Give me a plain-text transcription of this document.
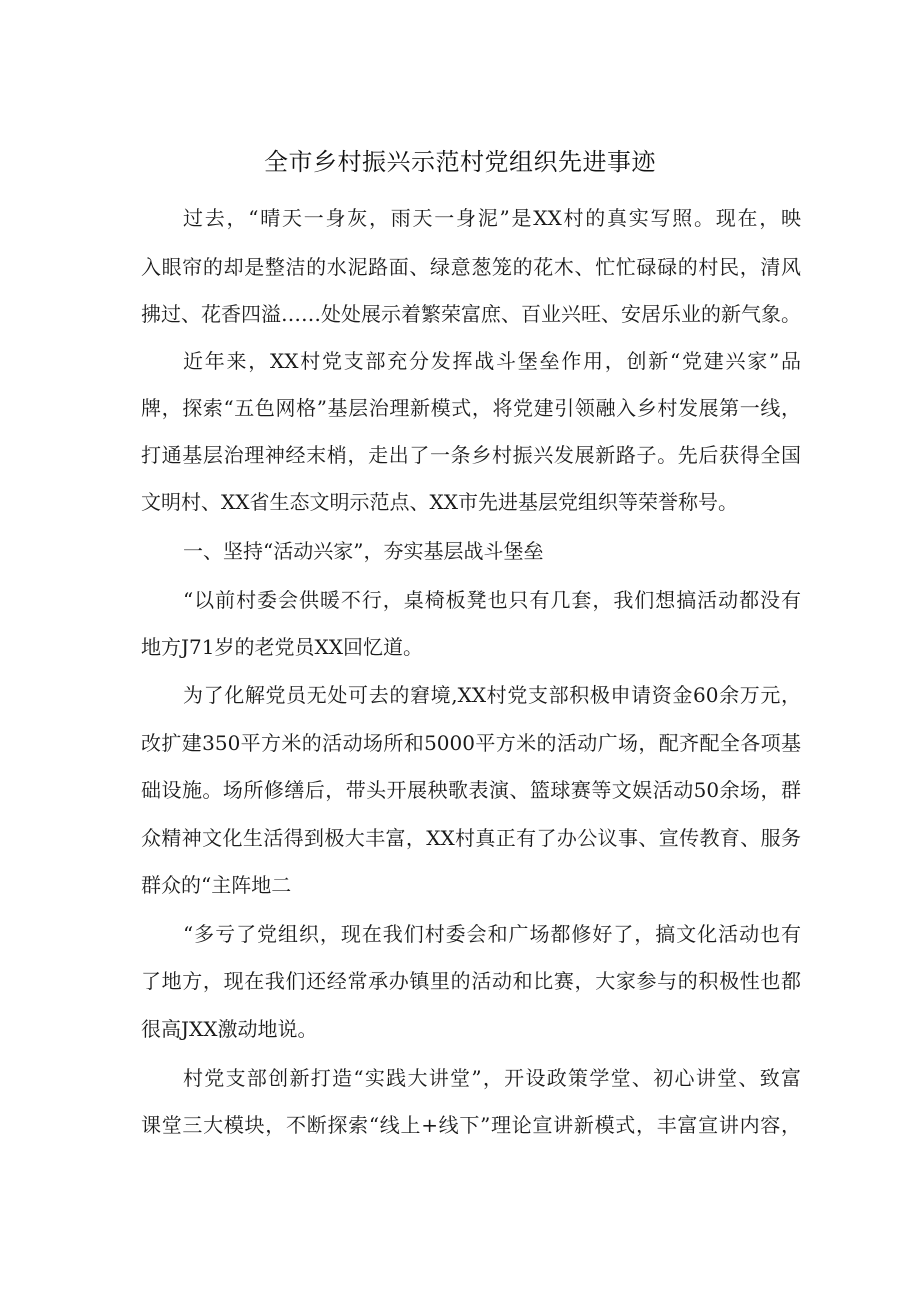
全市乡村振兴示范村党组织先进事迹
过去，“晴天一身灰，雨天一身泥”是XX村的真实写照。现在，映
入眼帘的却是整洁的水泥路面、绿意葱笼的花木、忙忙碌碌的村民，清风
拂过、花香四溢……处处展示着繁荣富庶、百业兴旺、安居乐业的新气象。
近年来，XX村党支部充分发挥战斗堡垒作用，创新“党建兴家”品
牌，探索“五色网格”基层治理新模式，将党建引领融入乡村发展第一线，
打通基层治理神经末梢，走出了一条乡村振兴发展新路子。先后获得全国
文明村、XX省生态文明示范点、XX市先进基层党组织等荣誉称号。
一、坚持“活动兴家”，夯实基层战斗堡垒
“以前村委会供暖不行，桌椅板凳也只有几套，我们想搞活动都没有
地方J71岁的老党员XX回忆道。
为了化解党员无处可去的窘境,XX村党支部积极申请资金60余万元，
改扩建350平方米的活动场所和5000平方米的活动广场，配齐配全各项基
础设施。场所修缮后，带头开展秧歌表演、篮球赛等文娱活动50余场，群
众精神文化生活得到极大丰富，XX村真正有了办公议事、宣传教育、服务
群众的“主阵地二
“多亏了党组织，现在我们村委会和广场都修好了，搞文化活动也有
了地方，现在我们还经常承办镇里的活动和比赛，大家参与的积极性也都
很高JXX激动地说。
村党支部创新打造“实践大讲堂”，开设政策学堂、初心讲堂、致富
课堂三大模块，不断探索“线上+线下”理论宣讲新模式，丰富宣讲内容，
